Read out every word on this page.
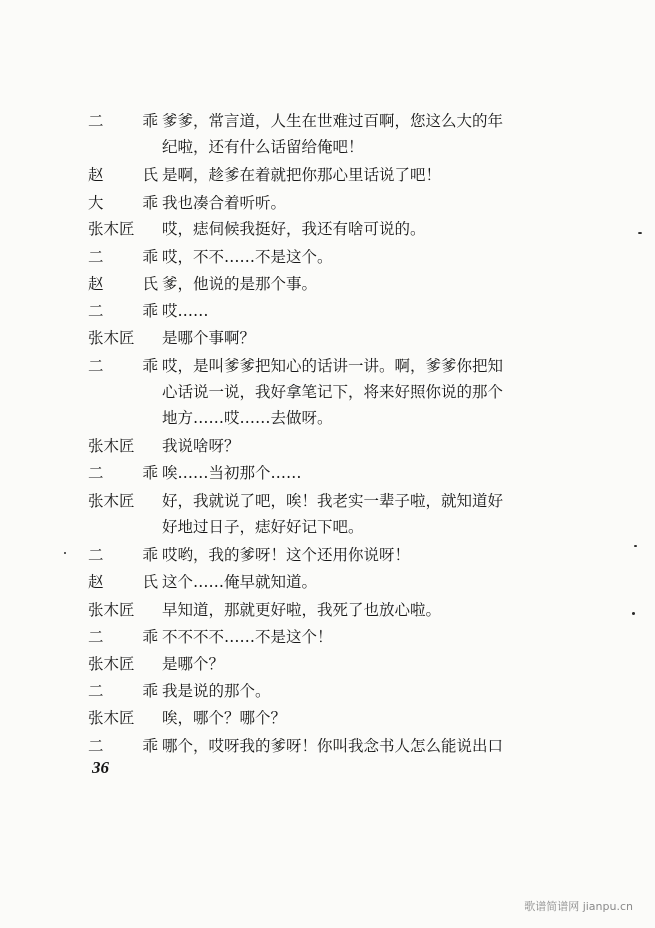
二	乖 爹爹，常言道，人生在世难过百啊，您这么大的年
纪啦，还有什么话留给俺吧！
赵	氏 是啊，趁爹在着就把你那心里话说了吧！
大	乖 我也凑合着听听。
张木匠 哎，痣伺候我挺好，我还有啥可说的。
二	乖 哎，不不……不是这个。
赵	氏 爹，他说的是那个事。
二	乖 哎……
张木匠 是哪个事啊？
二	乖 哎，是叫爹爹把知心的话讲一讲。啊，爹爹你把知
心话说一说，我好拿笔记下，将来好照你说的那个
地方……哎……去做呀。
张木匠 我说啥呀？
二	乖 唉……当初那个……
张木匠 好，我就说了吧，唉！我老实一辈子啦，就知道好
好地过日子，痣好好记下吧。
二	乖 哎哟，我的爹呀！这个还用你说呀！
赵	氏 这个……俺早就知道。
张木匠 早知道，那就更好啦，我死了也放心啦。
二	乖 不不不不……不是这个！
张木匠 是哪个？
二	乖 我是说的那个。
张木匠 唉，哪个？哪个？
二	乖 哪个，哎呀我的爹呀！你叫我念书人怎么能说出口
36
歌谱简谱网 jianpu.cn
